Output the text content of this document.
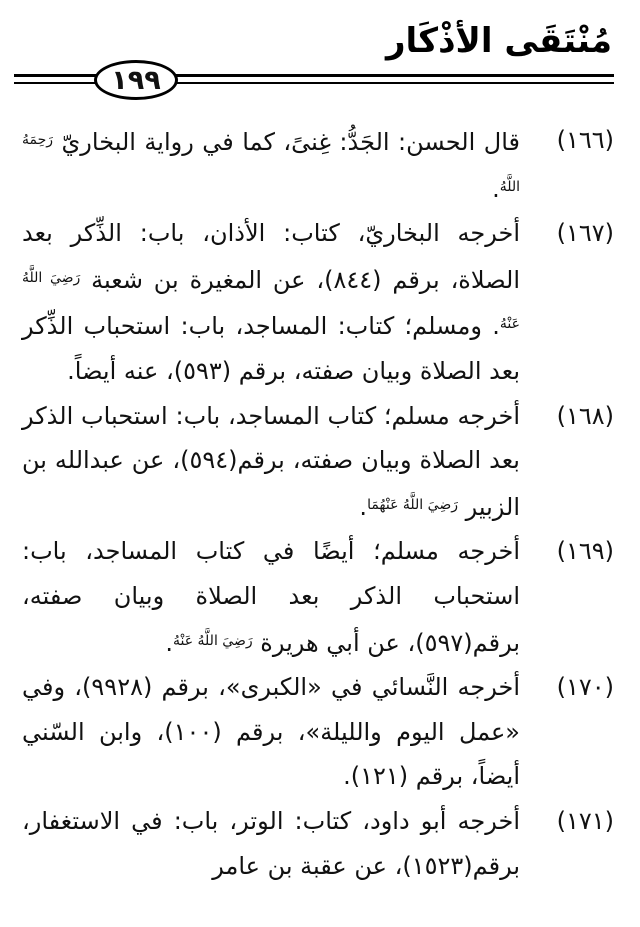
مُنْتَقَى الأذْكَار
١٩٩
(١٦٦)
قال الحسن: الجَدُّ: غِنىً، كما في رواية البخاريّ $^{رَحِمَهُ اللَّهُ}$.
(١٦٧)
أخرجه البخاريّ، كتاب: الأذان، باب: الذِّكر بعد الصلاة، برقم (٨٤٤)، عن المغيرة بن شعبة $^{رَضِيَ اللَّهُ عَنْهُ}$. ومسلم؛ كتاب: المساجد، باب: استحباب الذِّكر بعد الصلاة وبيان صفته، برقم (٥٩٣)، عنه أيضاً.
(١٦٨)
أخرجه مسلم؛ كتاب المساجد، باب: استحباب الذكر بعد الصلاة وبيان صفته، برقم(٥٩٤)، عن عبدالله بن الزبير $^{رَضِيَ اللَّهُ عَنْهُمَا}$.
(١٦٩)
أخرجه مسلم؛ أيضًا في كتاب المساجد، باب: استحباب الذكر بعد الصلاة وبيان صفته، برقم(٥٩٧)، عن أبي هريرة $^{رَضِيَ اللَّهُ عَنْهُ}$.
(١٧٠)
أخرجه النَّسائي في «الكبرى»، برقم (٩٩٢٨)، وفي «عمل اليوم والليلة»، برقم (١٠٠)، وابن السّني أيضاً، برقم (١٢١).
(١٧١)
أخرجه أبو داود، كتاب: الوتر، باب: في الاستغفار، برقم(١٥٢٣)، عن عقبة بن عامر
